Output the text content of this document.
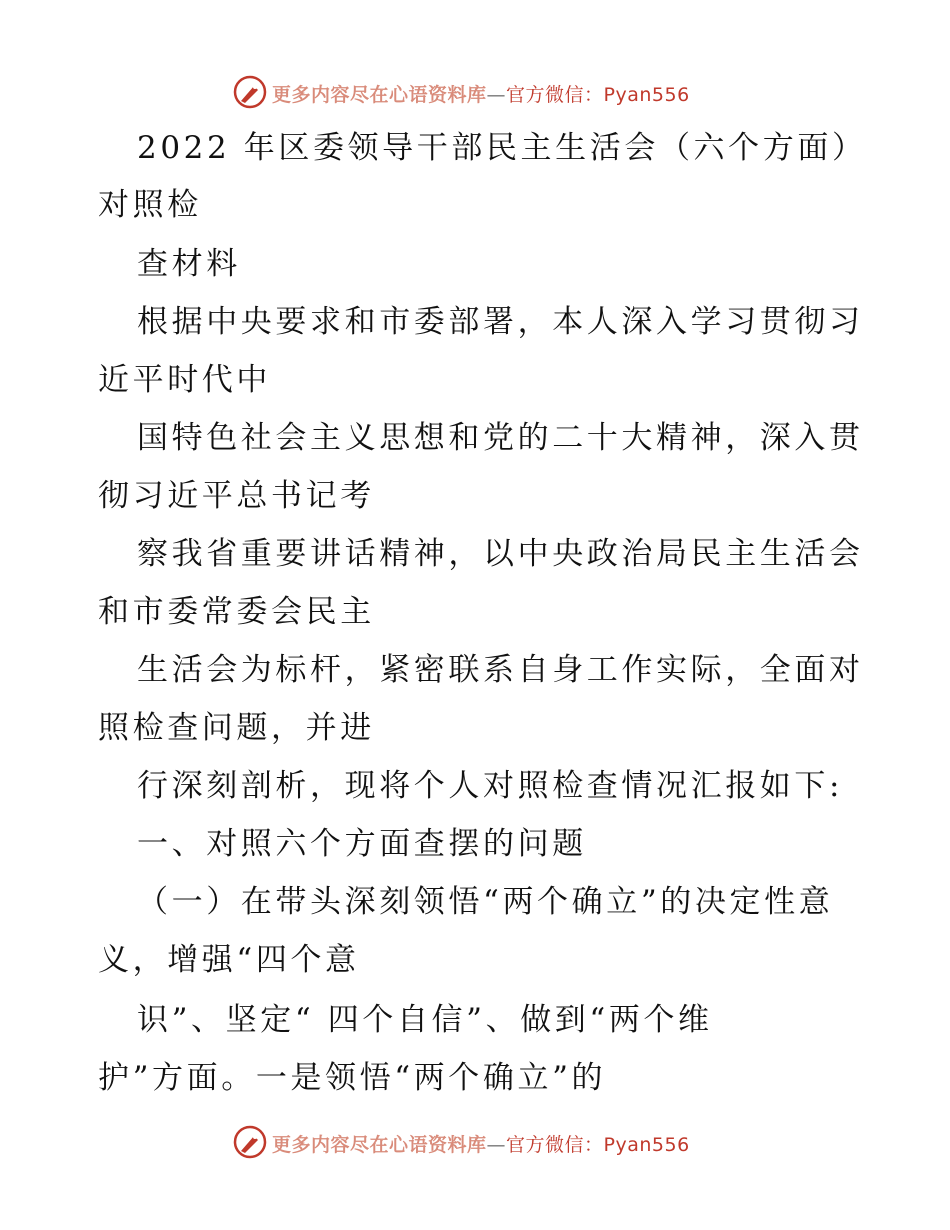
更多内容尽在心语资料库—官方微信：Pyan556
2022 年区委领导干部民主生活会（六个方面）
对照检
查材料
根据中央要求和市委部署，本人深入学习贯彻习
近平时代中
国特色社会主义思想和党的二十大精神，深入贯
彻习近平总书记考
察我省重要讲话精神，以中央政治局民主生活会
和市委常委会民主
生活会为标杆，紧密联系自身工作实际，全面对
照检查问题，并进
行深刻剖析，现将个人对照检查情况汇报如下:
一、对照六个方面查摆的问题
（一）在带头深刻领悟“两个确立”的决定性意
义，增强“四个意
识”、坚定“ 四个自信”、做到“两个维
护”方面。一是领悟“两个确立”的
更多内容尽在心语资料库—官方微信：Pyan556
